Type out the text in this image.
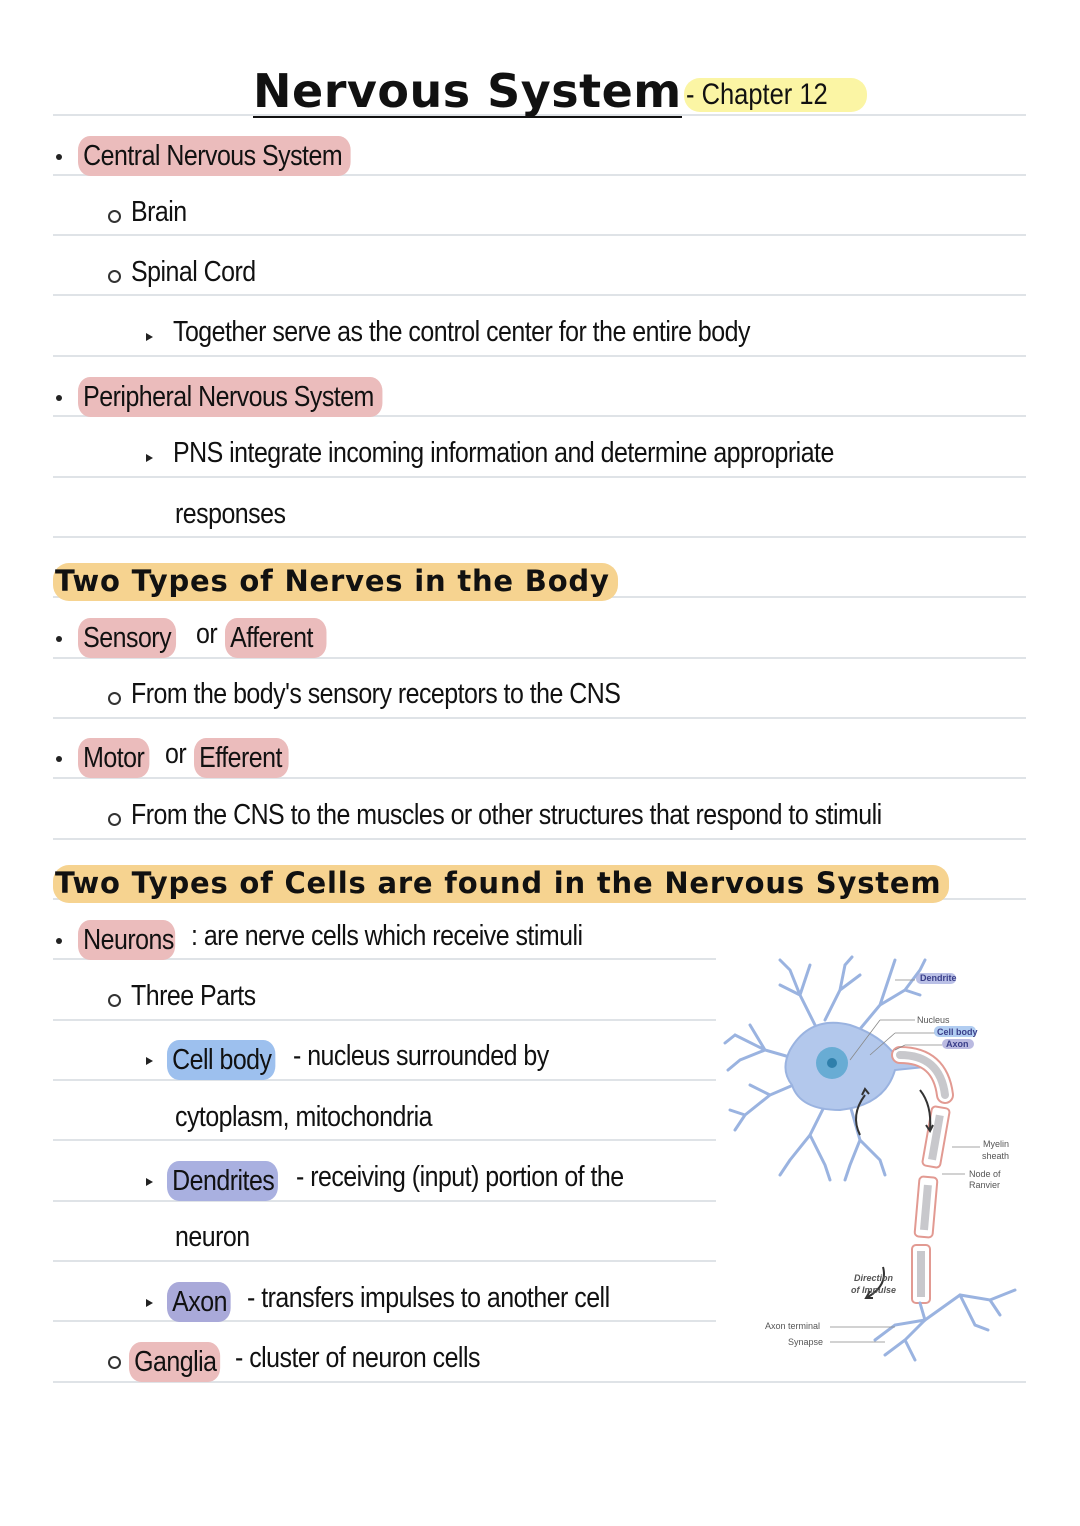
Nervous System - Chapter 12
Central Nervous System
Brain
Spinal Cord
Together serve as the control center for the entire body
Peripheral Nervous System
PNS integrate incoming information and determine appropriate
responses
Two Types of Nerves in the Body
Sensory or Afferent
From the body's sensory receptors to the CNS
Motor or Efferent
From the CNS to the muscles or other structures that respond to stimuli
Two Types of Cells are found in the Nervous System
Neurons : are nerve cells which receive stimuli
Three Parts
Cell body - nucleus surrounded by
cytoplasm, mitochondria
Dendrites - receiving (input) portion of the
neuron
Axon - transfers impulses to another cell
Ganglia - cluster of neuron cells
Dendrite
Nucleus
Cell body
Axon
Myelin
sheath
Node of
Ranvier
Direction
of Impulse
Axon terminal
Synapse
